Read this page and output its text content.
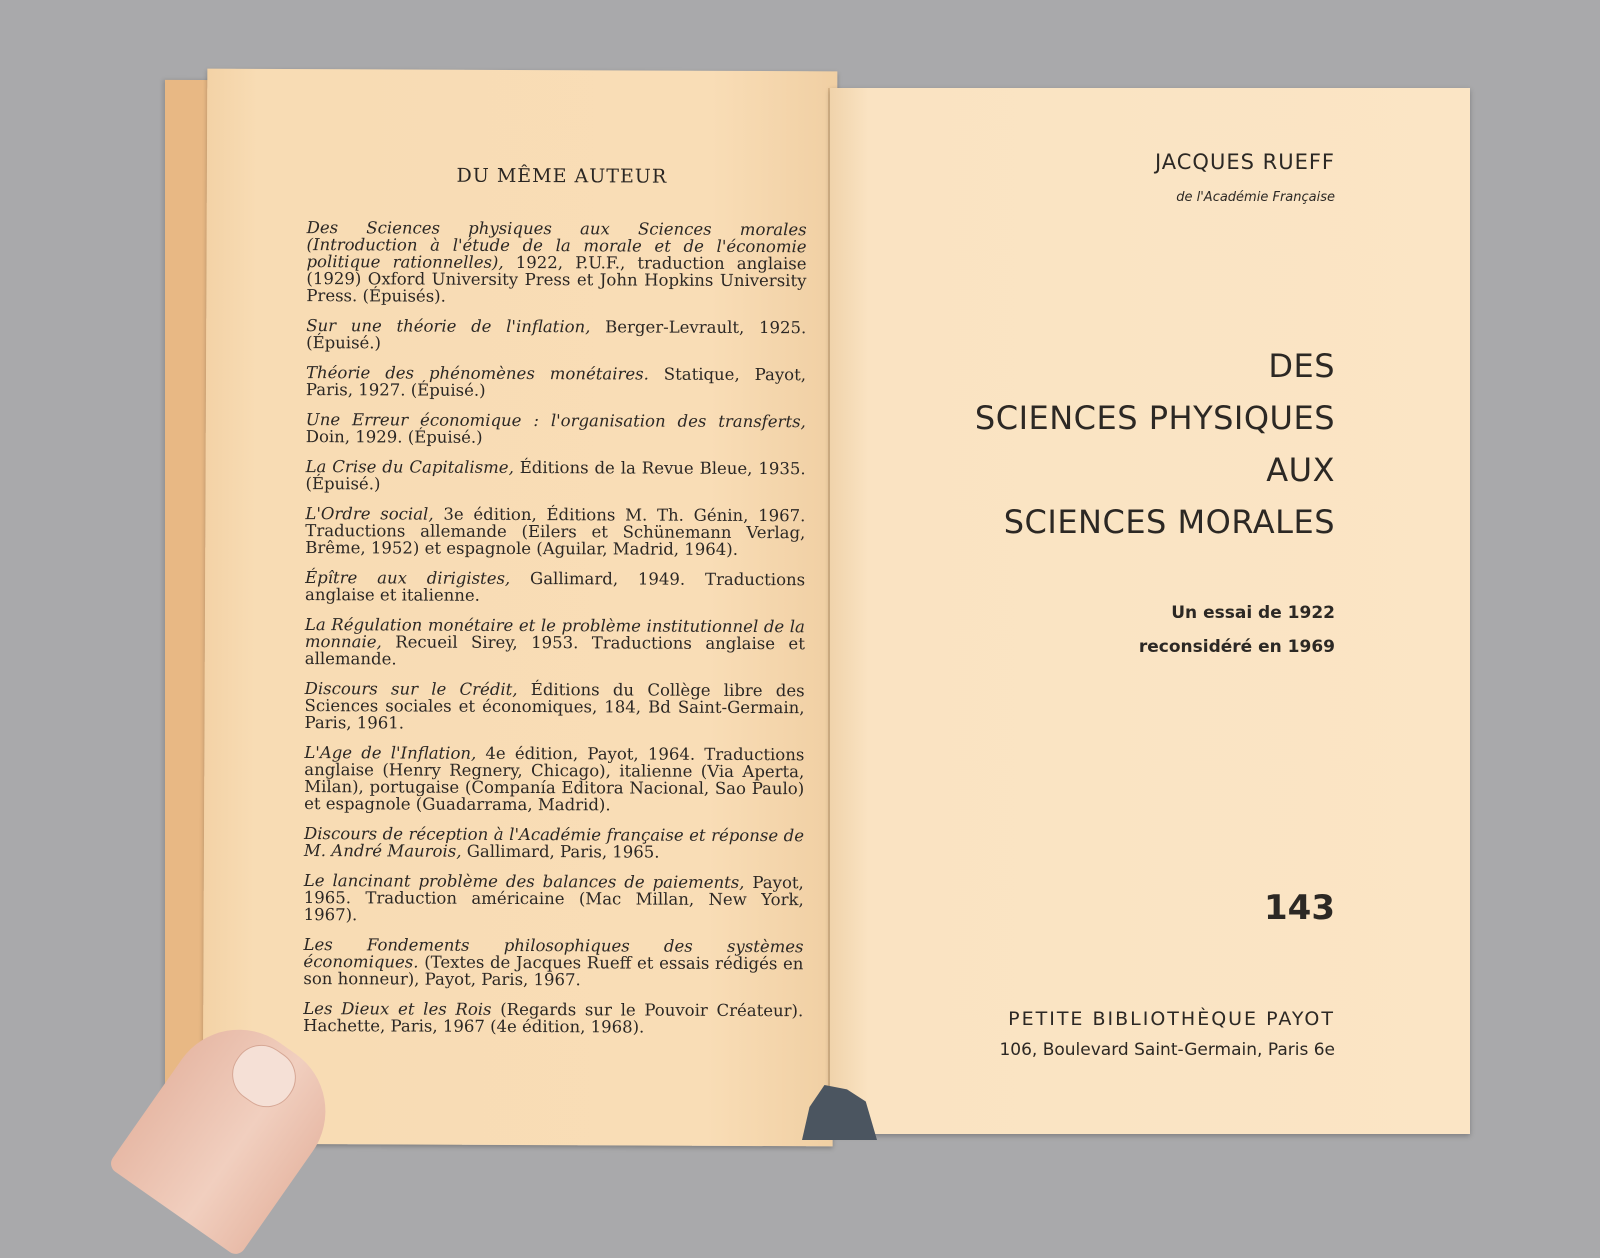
DU MÊME AUTEUR
Des Sciences physiques aux Sciences morales (Introduction à l'étude de la morale et de l'économie politique rationnelles), 1922, P.U.F., traduction anglaise (1929) Oxford University Press et John Hopkins University Press. (Épuisés).
Sur une théorie de l'inflation, Berger-Levrault, 1925. (Épuisé.)
Théorie des phénomènes monétaires. Statique, Payot, Paris, 1927. (Épuisé.)
Une Erreur économique : l'organisation des transferts, Doin, 1929. (Épuisé.)
La Crise du Capitalisme, Éditions de la Revue Bleue, 1935. (Épuisé.)
L'Ordre social, 3e édition, Éditions M. Th. Génin, 1967. Traductions allemande (Eilers et Schünemann Verlag, Brême, 1952) et espagnole (Aguilar, Madrid, 1964).
Épître aux dirigistes, Gallimard, 1949. Traductions anglaise et italienne.
La Régulation monétaire et le problème institutionnel de la monnaie, Recueil Sirey, 1953. Traductions anglaise et allemande.
Discours sur le Crédit, Éditions du Collège libre des Sciences sociales et économiques, 184, Bd Saint-Germain, Paris, 1961.
L'Age de l'Inflation, 4e édition, Payot, 1964. Traductions anglaise (Henry Regnery, Chicago), italienne (Via Aperta, Milan), portugaise (Companía Editora Nacional, Sao Paulo) et espagnole (Guadarrama, Madrid).
Discours de réception à l'Académie française et réponse de M. André Maurois, Gallimard, Paris, 1965.
Le lancinant problème des balances de paiements, Payot, 1965. Traduction américaine (Mac Millan, New York, 1967).
Les Fondements philosophiques des systèmes économiques. (Textes de Jacques Rueff et essais rédigés en son honneur), Payot, Paris, 1967.
Les Dieux et les Rois (Regards sur le Pouvoir Créateur). Hachette, Paris, 1967 (4e édition, 1968).
JACQUES RUEFF
de l'Académie Française
DES
SCIENCES PHYSIQUES
AUX
SCIENCES MORALES
Un essai de 1922
reconsidéré en 1969
143
PETITE BIBLIOTHÈQUE PAYOT
106, Boulevard Saint-Germain, Paris 6e
